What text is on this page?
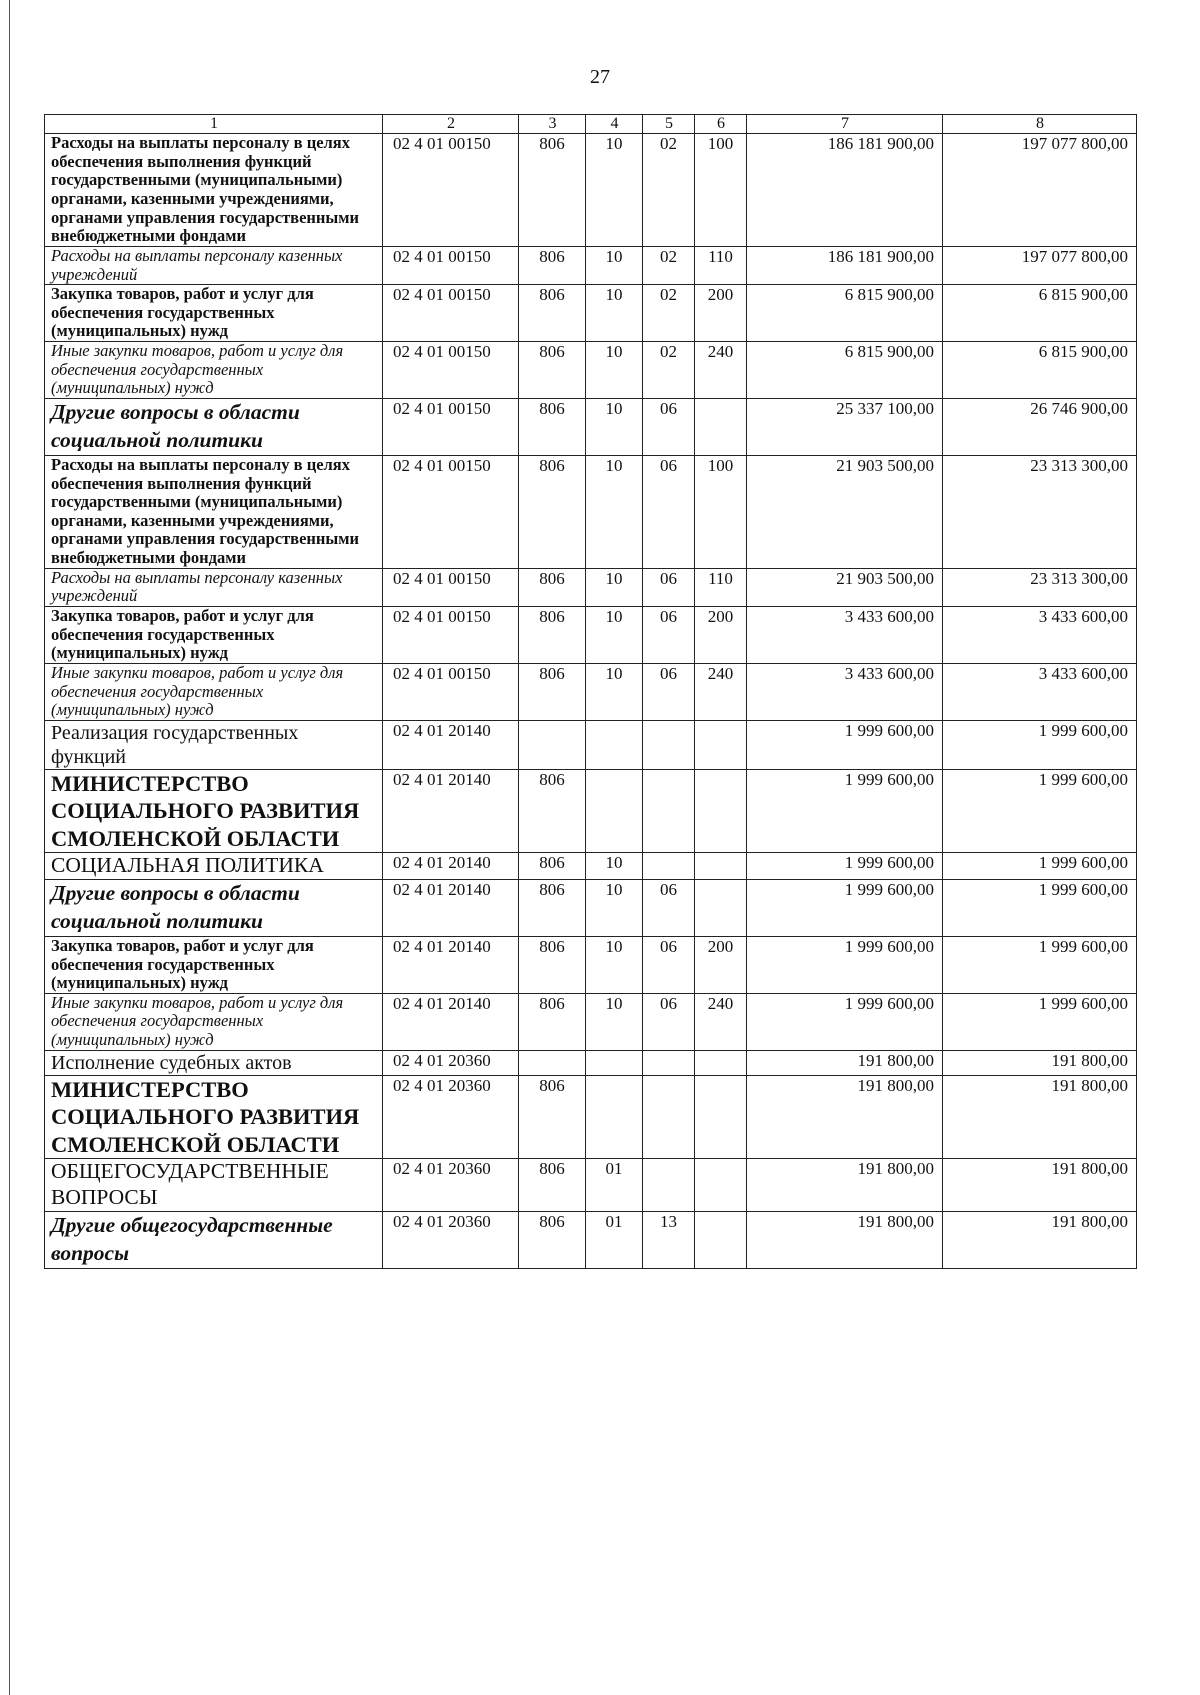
27
1	2	3	4	5	6	7	8
Расходы на выплаты персоналу в целях обеспечения выполнения функций государственными (муниципальными) органами, казенными учреждениями, органами управления государственными внебюджетными фондами	02 4 01 00150	806	10	02	100	186 181 900,00	197 077 800,00
Расходы на выплаты персоналу казенных учреждений	02 4 01 00150	806	10	02	110	186 181 900,00	197 077 800,00
Закупка товаров, работ и услуг для обеспечения государственных (муниципальных) нужд	02 4 01 00150	806	10	02	200	6 815 900,00	6 815 900,00
Иные закупки товаров, работ и услуг для обеспечения государственных (муниципальных) нужд	02 4 01 00150	806	10	02	240	6 815 900,00	6 815 900,00
Другие вопросы в области социальной политики	02 4 01 00150	806	10	06		25 337 100,00	26 746 900,00
Расходы на выплаты персоналу в целях обеспечения выполнения функций государственными (муниципальными) органами, казенными учреждениями, органами управления государственными внебюджетными фондами	02 4 01 00150	806	10	06	100	21 903 500,00	23 313 300,00
Расходы на выплаты персоналу казенных учреждений	02 4 01 00150	806	10	06	110	21 903 500,00	23 313 300,00
Закупка товаров, работ и услуг для обеспечения государственных (муниципальных) нужд	02 4 01 00150	806	10	06	200	3 433 600,00	3 433 600,00
Иные закупки товаров, работ и услуг для обеспечения государственных (муниципальных) нужд	02 4 01 00150	806	10	06	240	3 433 600,00	3 433 600,00
Реализация государственных функций	02 4 01 20140					1 999 600,00	1 999 600,00
МИНИСТЕРСТВО СОЦИАЛЬНОГО РАЗВИТИЯ СМОЛЕНСКОЙ ОБЛАСТИ	02 4 01 20140	806				1 999 600,00	1 999 600,00
СОЦИАЛЬНАЯ ПОЛИТИКА	02 4 01 20140	806	10			1 999 600,00	1 999 600,00
Другие вопросы в области социальной политики	02 4 01 20140	806	10	06		1 999 600,00	1 999 600,00
Закупка товаров, работ и услуг для обеспечения государственных (муниципальных) нужд	02 4 01 20140	806	10	06	200	1 999 600,00	1 999 600,00
Иные закупки товаров, работ и услуг для обеспечения государственных (муниципальных) нужд	02 4 01 20140	806	10	06	240	1 999 600,00	1 999 600,00
Исполнение судебных актов	02 4 01 20360					191 800,00	191 800,00
МИНИСТЕРСТВО СОЦИАЛЬНОГО РАЗВИТИЯ СМОЛЕНСКОЙ ОБЛАСТИ	02 4 01 20360	806				191 800,00	191 800,00
ОБЩЕГОСУДАРСТВЕННЫЕ ВОПРОСЫ	02 4 01 20360	806	01			191 800,00	191 800,00
Другие общегосударственные вопросы	02 4 01 20360	806	01	13		191 800,00	191 800,00
